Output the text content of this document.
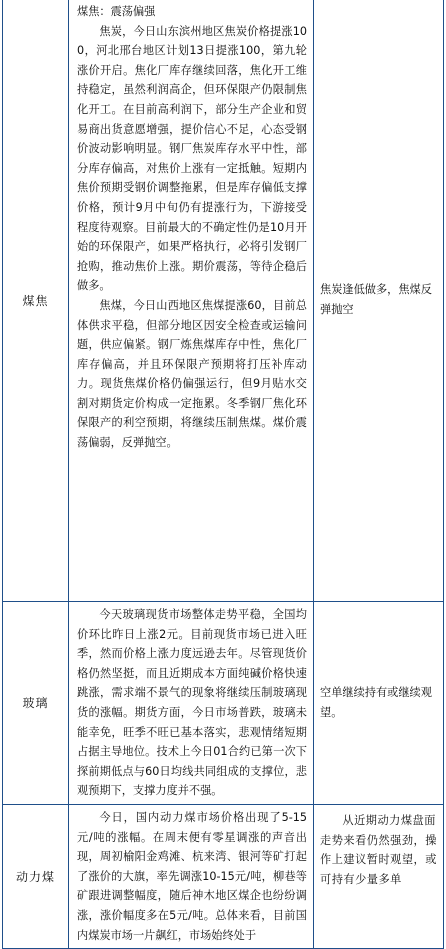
煤焦	煤焦：震荡偏强

焦炭，今日山东滨州地区焦炭价格提涨100，河北邢台地区计划13日提涨100，第九轮涨价开启。焦化厂库存继续回落，焦化开工维持稳定，虽然利润高企，但环保限产仍限制焦化开工。在目前高利润下，部分生产企业和贸易商出货意愿增强，提价信心不足，心态受钢价波动影响明显。钢厂焦炭库存水平中性，部分库存偏高，对焦价上涨有一定抵触。短期内焦价预期受钢价调整拖累，但是库存偏低支撑价格，预计9月中旬仍有提涨行为，下游接受程度待观察。目前最大的不确定性仍是10月开始的环保限产，如果严格执行，必将引发钢厂抢购，推动焦价上涨。期价震荡，等待企稳后做多。

焦煤，今日山西地区焦煤提涨60，目前总体供求平稳，但部分地区因安全检查或运输问题，供应偏紧。钢厂炼焦煤库存中性，焦化厂库存偏高，并且环保限产预期将打压补库动力。现货焦煤价格仍偏强运行，但9月贴水交割对期货定价构成一定拖累。冬季钢厂焦化环保限产的利空预期，将继续压制焦煤。煤价震荡偏弱，反弹抛空。	焦炭逢低做多，焦煤反弹抛空

玻璃	今天玻璃现货市场整体走势平稳，全国均价环比昨日上涨2元。目前现货市场已进入旺季，然而价格上涨力度远逊去年。尽管现货价格仍然坚挺，而且近期成本方面纯碱价格快速跳涨，需求端不景气的现象将继续压制玻璃现货的涨幅。期货方面，今日市场普跌，玻璃未能幸免，旺季不旺已基本落实，悲观情绪短期占据主导地位。技术上今日01合约已第一次下探前期低点与60日均线共同组成的支撑位，悲观预期下，支撑力度并不强。	空单继续持有或继续观望。

动力煤	今日，国内动力煤市场价格出现了5-15元/吨的涨幅。在周末便有零星调涨的声音出现，周初榆阳金鸡滩、杭来湾、银河等矿打起了涨价的大旗，率先调涨10-15元/吨，柳巷等矿跟进调整幅度，随后神木地区煤企也纷纷调涨，涨价幅度多在5元/吨。总体来看，目前国内煤炭市场一片飙红，市场始终处于	从近期动力煤盘面走势来看仍然强劲，操作上建议暂时观望，或可持有少量多单
